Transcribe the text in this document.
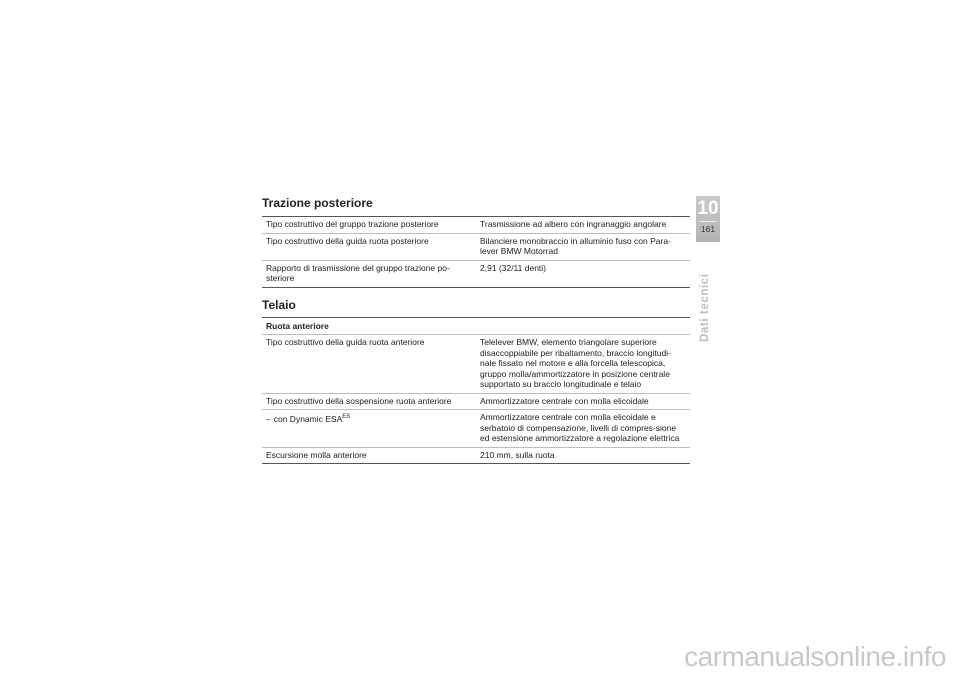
Trazione posteriore
Tipo costruttivo del gruppo trazione posteriore	Trasmissione ad albero con ingranaggio angolare
Tipo costruttivo della guida ruota posteriore	Bilanciere monobraccio in alluminio fuso con Para-lever BMW Motorrad
Rapporto di trasmissione del gruppo trazione po-steriore	2,91 (32/11 denti)
Telaio
Ruota anteriore	
Tipo costruttivo della guida ruota anteriore	Telelever BMW, elemento triangolare superiore disaccoppiabile per ribaltamento, braccio longitudi-nale fissato nel motore e alla forcella telescopica, gruppo molla/ammortizzatore in posizione centrale supportato su braccio longitudinale e telaio
Tipo costruttivo della sospensione ruota anteriore	Ammortizzatore centrale con molla elicoidale
– con Dynamic $ESA^{ES}$	Ammortizzatore centrale con molla elicoidale e serbatoio di compensazione, livelli di compres-sione ed estensione ammortizzatore a regolazione elettrica
Escursione molla anteriore	210 mm, sulla ruota
10
161
Dati tecnici
carmanualsonline.info
